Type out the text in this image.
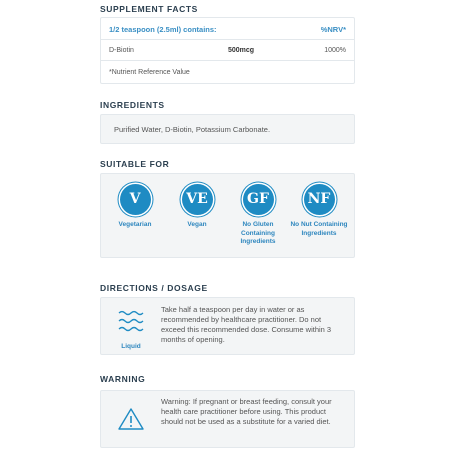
SUPPLEMENT FACTS
1/2 teaspoon (2.5ml) contains:	%NRV*
D-Biotin	500mcg	1000%
*Nutrient Reference Value
INGREDIENTS
Purified Water, D-Biotin, Potassium Carbonate.
SUITABLE FOR
V
Vegetarian
VE
Vegan
GF
No Gluten Containing Ingredients
NF
No Nut Containing Ingredients
DIRECTIONS / DOSAGE
Liquid
Take half a teaspoon per day in water or as recommended by healthcare practitioner. Do not exceed this recommended dose. Consume within 3 months of opening.
WARNING
Warning: If pregnant or breast feeding, consult your health care practitioner before using. This product should not be used as a substitute for a varied diet.
